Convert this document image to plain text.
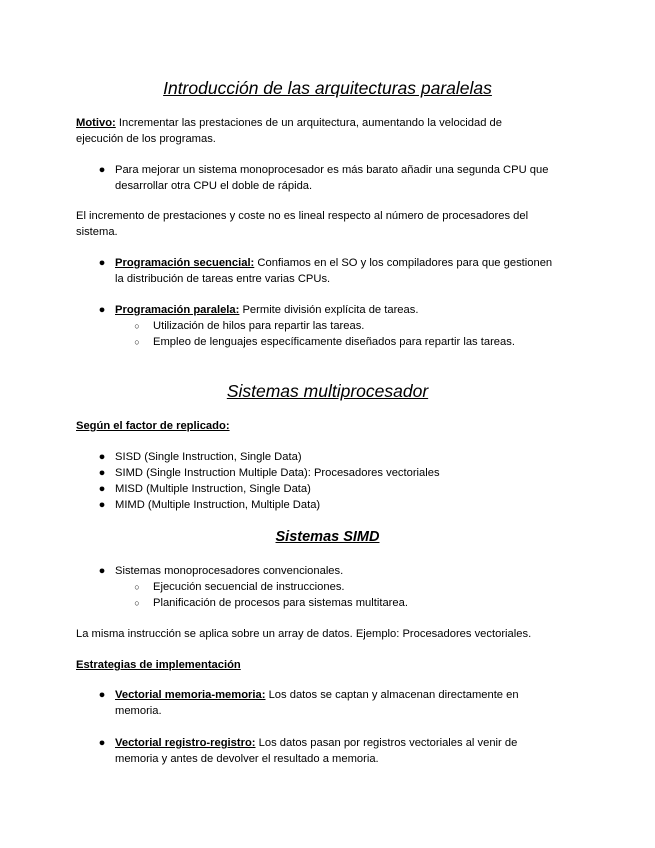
Introducción de las arquitecturas paralelas
Motivo: Incrementar las prestaciones de un arquitectura, aumentando la velocidad de
ejecución de los programas.
● Para mejorar un sistema monoprocesador es más barato añadir una segunda CPU que
desarrollar otra CPU el doble de rápida.
El incremento de prestaciones y coste no es lineal respecto al número de procesadores del
sistema.
● Programación secuencial: Confiamos en el SO y los compiladores para que gestionen
la distribución de tareas entre varias CPUs.
● Programación paralela: Permite división explícita de tareas.
○ Utilización de hilos para repartir las tareas.
○ Empleo de lenguajes específicamente diseñados para repartir las tareas.
Sistemas multiprocesador
Según el factor de replicado:
● SISD (Single Instruction, Single Data)
● SIMD (Single Instruction Multiple Data): Procesadores vectoriales
● MISD (Multiple Instruction, Single Data)
● MIMD (Multiple Instruction, Multiple Data)
Sistemas SIMD
● Sistemas monoprocesadores convencionales.
○ Ejecución secuencial de instrucciones.
○ Planificación de procesos para sistemas multitarea.
La misma instrucción se aplica sobre un array de datos. Ejemplo: Procesadores vectoriales.
Estrategias de implementación
● Vectorial memoria-memoria: Los datos se captan y almacenan directamente en
memoria.
● Vectorial registro-registro: Los datos pasan por registros vectoriales al venir de
memoria y antes de devolver el resultado a memoria.
